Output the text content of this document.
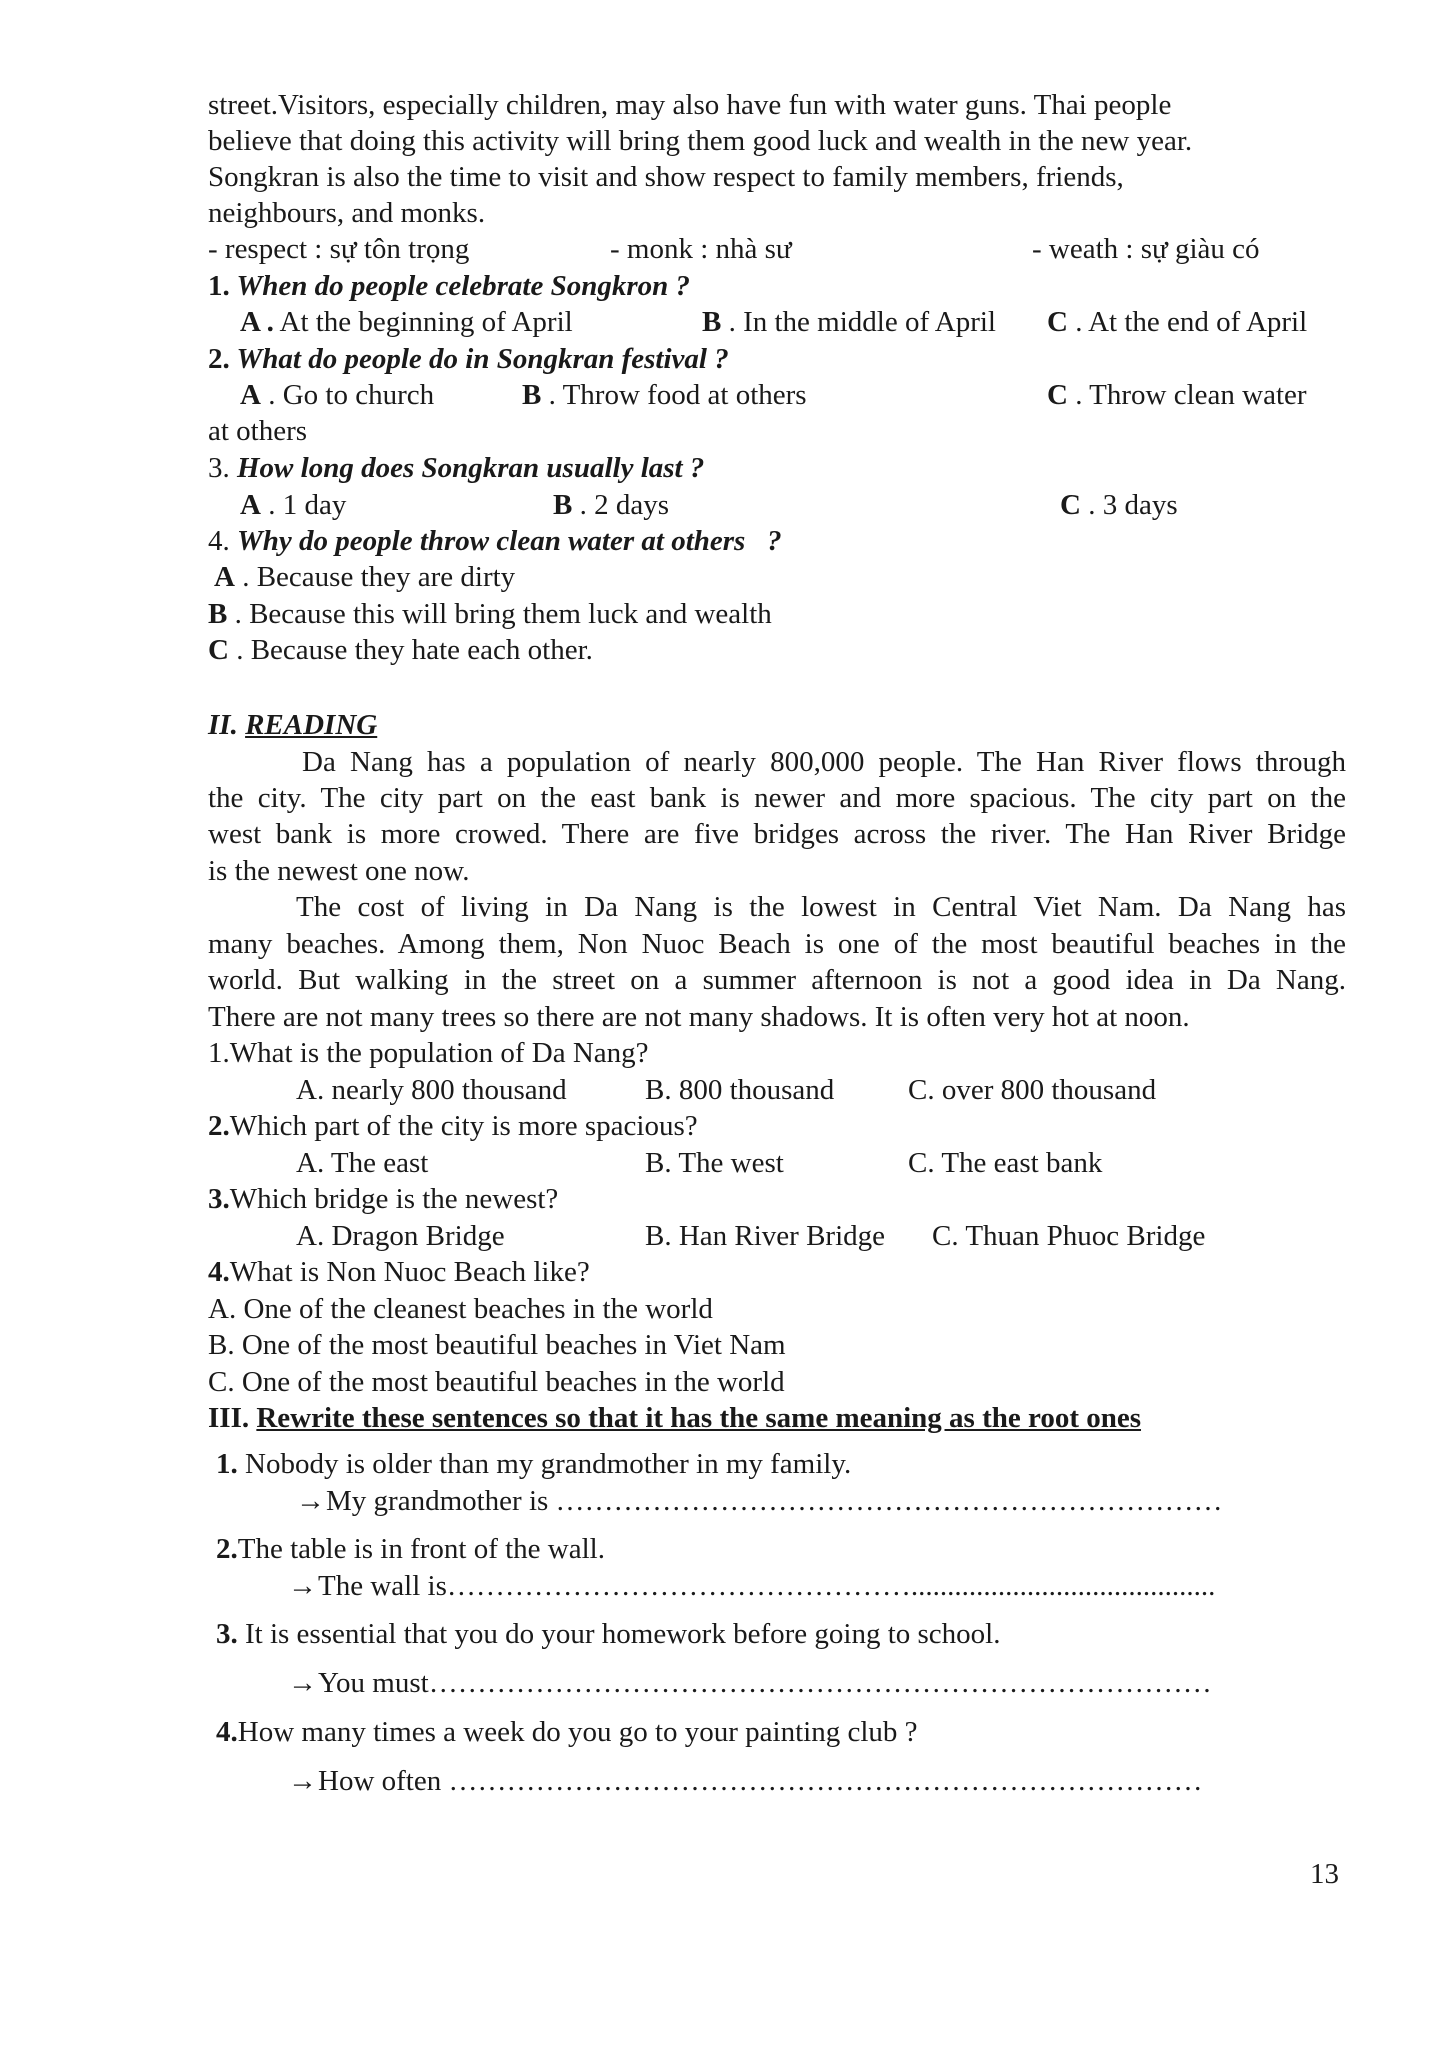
street.Visitors, especially children, may also have fun with water guns. Thai people
believe that doing this activity will bring them good luck and wealth in the new year.
Songkran is also the time to visit and show respect to family members, friends,
neighbours, and monks.
- respect : sự tôn trọng	- monk : nhà sư	- weath : sự giàu có
1. When do people celebrate Songkron ?
A . At the beginning of April	B . In the middle of April C . At the end of April
2. What do people do in Songkran festival ?
A . Go to church	B . Throw food at others	C . Throw clean water
at others
3. How long does Songkran usually last ?
A . 1 day	B . 2 days	C . 3 days
4. Why do people throw clean water at others   ?
A . Because they are dirty
B . Because this will bring them luck and wealth
C . Because they hate each other.
II. READING
Da Nang has a population of nearly 800,000 people. The Han River flows through
the city. The city part on the east bank is newer and more spacious. The city part on the
west bank is more crowed. There are five bridges across the river. The Han River Bridge
is the newest one now.
The cost of living in Da Nang is the lowest in Central Viet Nam. Da Nang has
many beaches. Among them, Non Nuoc Beach is one of the most beautiful beaches in the
world. But walking in the street on a summer afternoon is not a good idea in Da Nang.
There are not many trees so there are not many shadows. It is often very hot at noon.
1.What is the population of Da Nang?
A. nearly 800 thousand	B. 800 thousand	C. over 800 thousand
2.Which part of the city is more spacious?
A. The east	B. The west	C. The east bank
3.Which bridge is the newest?
A. Dragon Bridge	B. Han River Bridge C. Thuan Phuoc Bridge
4.What is Non Nuoc Beach like?
A. One of the cleanest beaches in the world
B. One of the most beautiful beaches in Viet Nam
C. One of the most beautiful beaches in the world
III. Rewrite these sentences so that it has the same meaning as the root ones
1. Nobody is older than my grandmother in my family.
→My grandmother is ……………………………………………………………
2.The table is in front of the wall.
→The wall is…………………………………………..........................................
3. It is essential that you do your homework before going to school.
→You must………………………………………………………………………
4.How many times a week do you go to your painting club ?
→How often ……………………………………………………………………
13
